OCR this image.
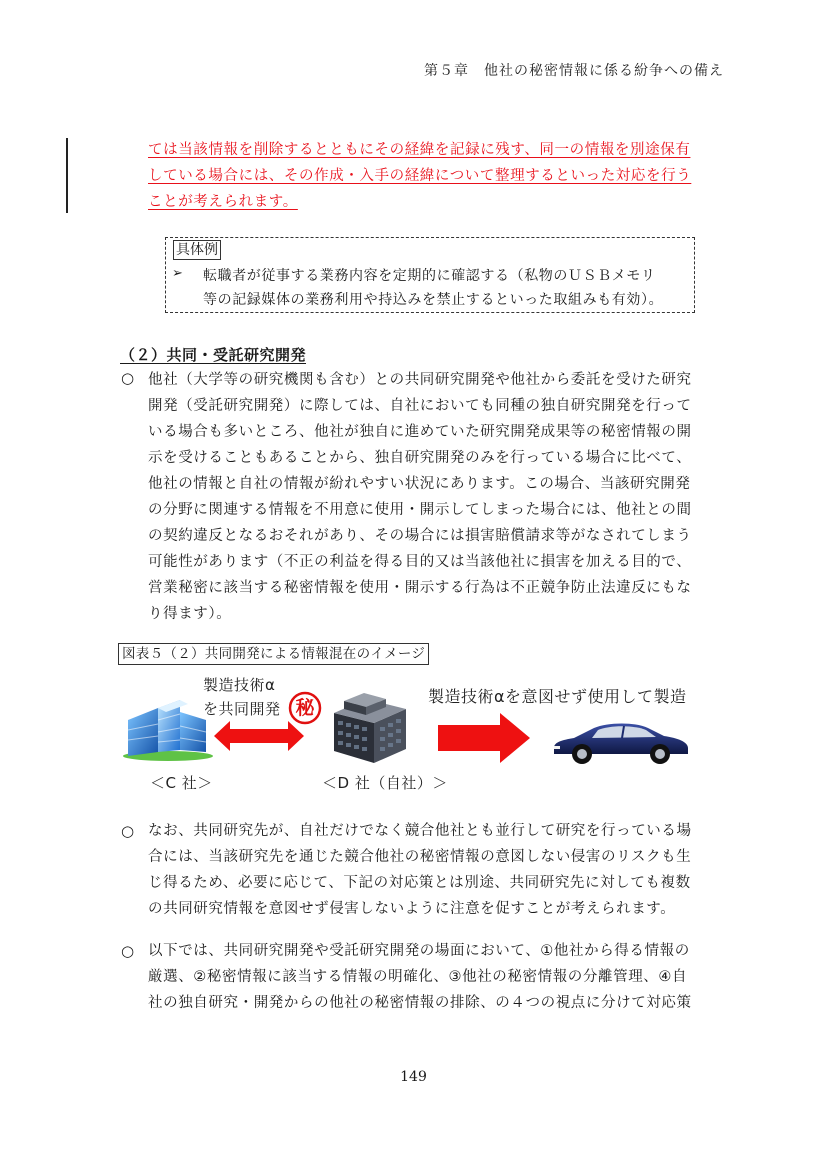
第５章　他社の秘密情報に係る紛争への備え
ては当該情報を削除するとともにその経緯を記録に残す、同一の情報を別途保有
している場合には、その作成・入手の経緯について整理するといった対応を行う
ことが考えられます。
具体例
➢ 転職者が従事する業務内容を定期的に確認する（私物のＵＳＢメモリ
等の記録媒体の業務利用や持込みを禁止するといった取組みも有効）。
（２）共同・受託研究開発
○ 他社（大学等の研究機関も含む）との共同研究開発や他社から委託を受けた研究
開発（受託研究開発）に際しては、自社においても同種の独自研究開発を行って
いる場合も多いところ、他社が独自に進めていた研究開発成果等の秘密情報の開
示を受けることもあることから、独自研究開発のみを行っている場合に比べて、
他社の情報と自社の情報が紛れやすい状況にあります。この場合、当該研究開発
の分野に関連する情報を不用意に使用・開示してしまった場合には、他社との間
の契約違反となるおそれがあり、その場合には損害賠償請求等がなされてしまう
可能性があります（不正の利益を得る目的又は当該他社に損害を加える目的で、
営業秘密に該当する秘密情報を使用・開示する行為は不正競争防止法違反にもな
り得ます）。
図表５（２）共同開発による情報混在のイメージ
製造技術α
を共同開発
製造技術αを意図せず使用して製造
秘
＜C 社＞	＜D 社（自社）＞
○ なお、共同研究先が、自社だけでなく競合他社とも並行して研究を行っている場
合には、当該研究先を通じた競合他社の秘密情報の意図しない侵害のリスクも生
じ得るため、必要に応じて、下記の対応策とは別途、共同研究先に対しても複数
の共同研究情報を意図せず侵害しないように注意を促すことが考えられます。
○ 以下では、共同研究開発や受託研究開発の場面において、①他社から得る情報の
厳選、②秘密情報に該当する情報の明確化、③他社の秘密情報の分離管理、④自
社の独自研究・開発からの他社の秘密情報の排除、の４つの視点に分けて対応策
149
